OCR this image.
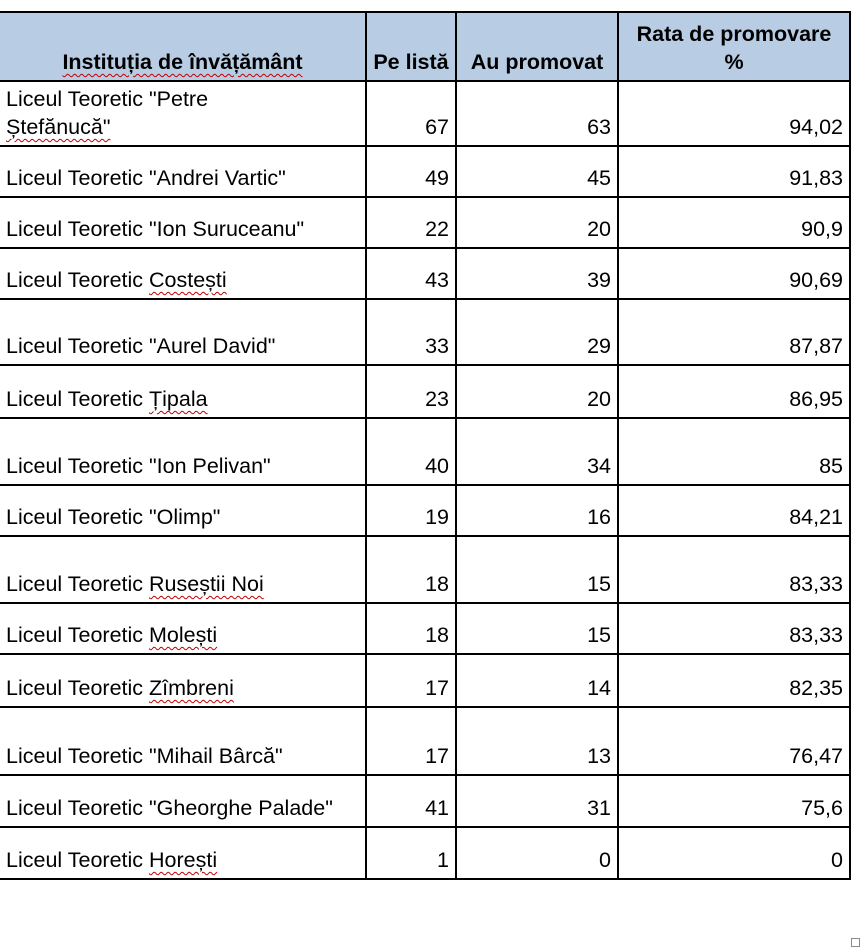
Instituția de învățământ	Pe listă	Au promovat	Rata de promovare %
Liceul Teoretic "Petre
Ștefănucă"	67	63	94,02
Liceul Teoretic "Andrei Vartic"	49	45	91,83
Liceul Teoretic "Ion Suruceanu"	22	20	90,9
Liceul Teoretic Costești	43	39	90,69
Liceul Teoretic "Aurel David"	33	29	87,87
Liceul Teoretic Țipala	23	20	86,95
Liceul Teoretic "Ion Pelivan"	40	34	85
Liceul Teoretic "Olimp"	19	16	84,21
Liceul Teoretic Ruseștii Noi	18	15	83,33
Liceul Teoretic Molești	18	15	83,33
Liceul Teoretic Zîmbreni	17	14	82,35
Liceul Teoretic "Mihail Bârcă"	17	13	76,47
Liceul Teoretic "Gheorghe Palade"	41	31	75,6
Liceul Teoretic Horești	1	0	0
